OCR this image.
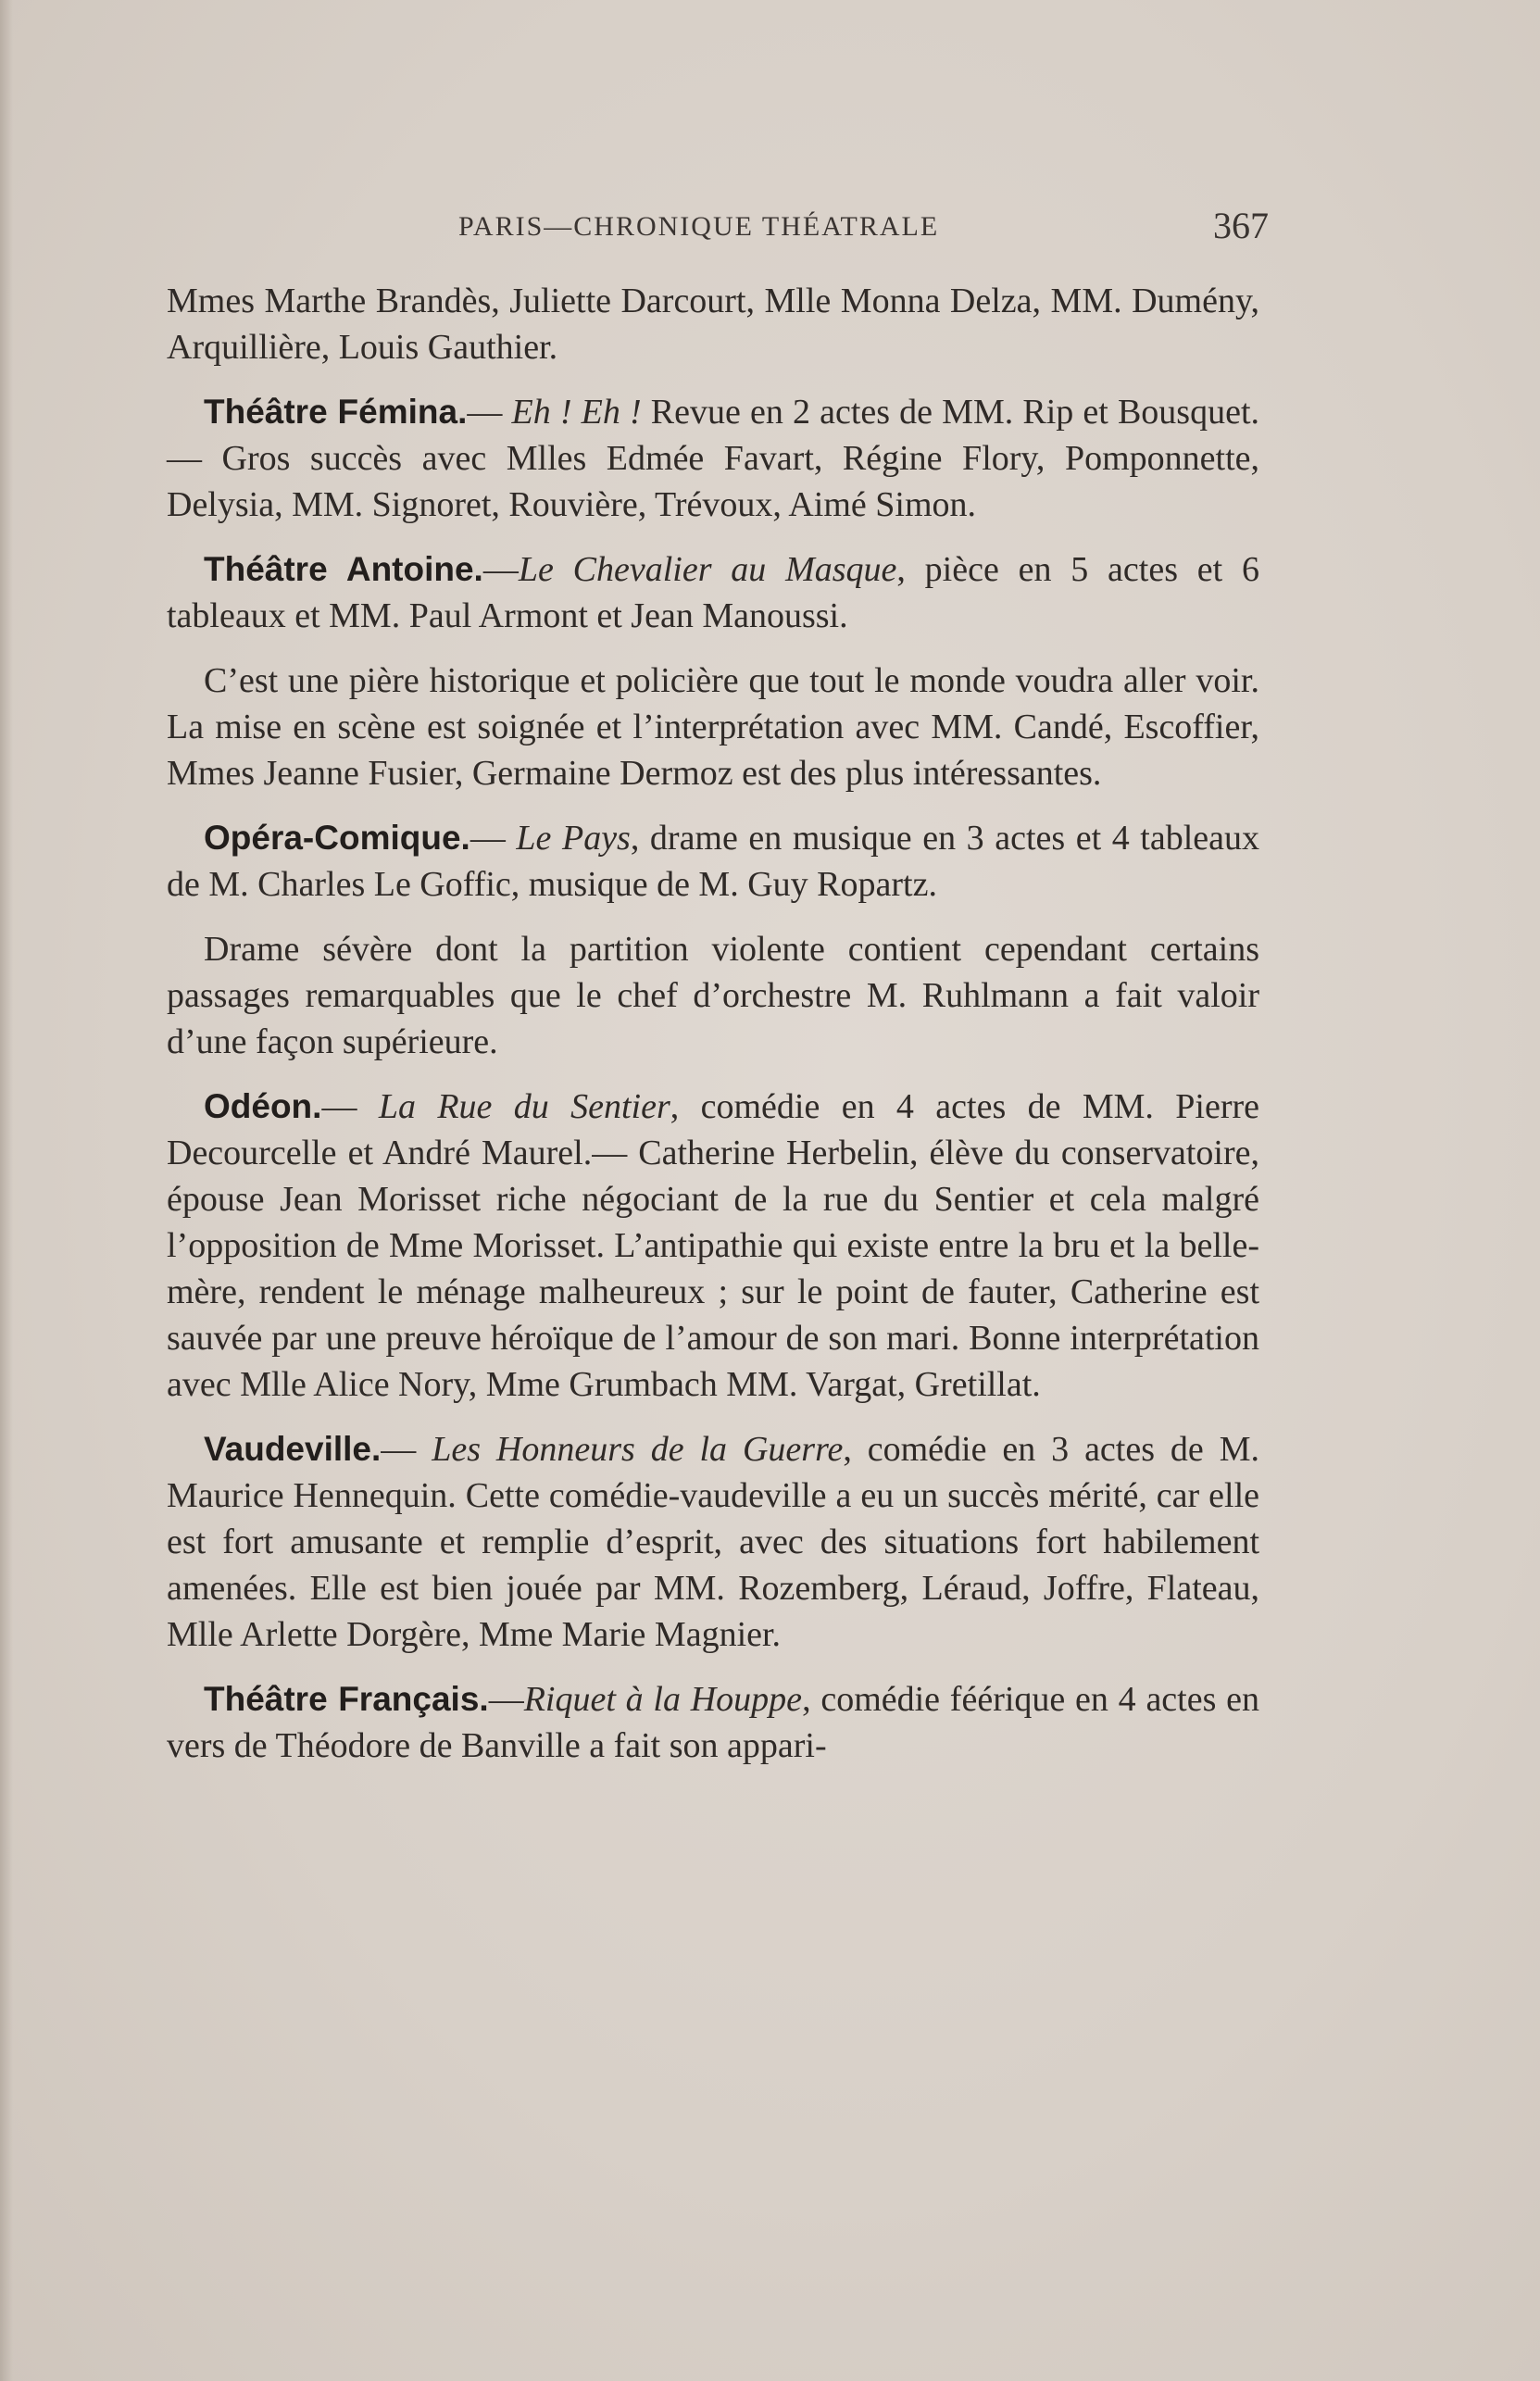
PARIS—CHRONIQUE THÉATRALE	367

Mmes Marthe Brandès, Juliette Darcourt, Mlle Monna Delza, MM. Dumény, Arquillière, Louis Gauthier.

Théâtre Fémina.— Eh ! Eh ! Revue en 2 actes de MM. Rip et Bousquet.— Gros succès avec Mlles Edmée Favart, Régine Flory, Pomponnette, Delysia, MM. Signoret, Rouvière, Trévoux, Aimé Simon.

Théâtre Antoine.—Le Chevalier au Masque, pièce en 5 actes et 6 tableaux et MM. Paul Armont et Jean Manoussi.

C’est une pière historique et policière que tout le monde voudra aller voir. La mise en scène est soignée et l’interprétation avec MM. Candé, Escoffier, Mmes Jeanne Fusier, Germaine Dermoz est des plus intéressantes.

Opéra-Comique.— Le Pays, drame en musique en 3 actes et 4 tableaux de M. Charles Le Goffic, musique de M. Guy Ropartz.

Drame sévère dont la partition violente contient cependant certains passages remarquables que le chef d’orchestre M. Ruhlmann a fait valoir d’une façon supérieure.

Odéon.— La Rue du Sentier, comédie en 4 actes de MM. Pierre Decourcelle et André Maurel.— Catherine Herbelin, élève du conservatoire, épouse Jean Morisset riche négociant de la rue du Sentier et cela malgré l’opposition de Mme Morisset. L’antipathie qui existe entre la bru et la belle-mère, rendent le ménage malheureux ; sur le point de fauter, Catherine est sauvée par une preuve héroïque de l’amour de son mari. Bonne interprétation avec Mlle Alice Nory, Mme Grumbach MM. Vargat, Gretillat.

Vaudeville.— Les Honneurs de la Guerre, comédie en 3 actes de M. Maurice Hennequin. Cette comédie-vaudeville a eu un succès mérité, car elle est fort amusante et remplie d’esprit, avec des situations fort habilement amenées. Elle est bien jouée par MM. Rozemberg, Léraud, Joffre, Flateau, Mlle Arlette Dorgère, Mme Marie Magnier.

Théâtre Français.—Riquet à la Houppe, comédie féérique en 4 actes en vers de Théodore de Banville a fait son appari-
